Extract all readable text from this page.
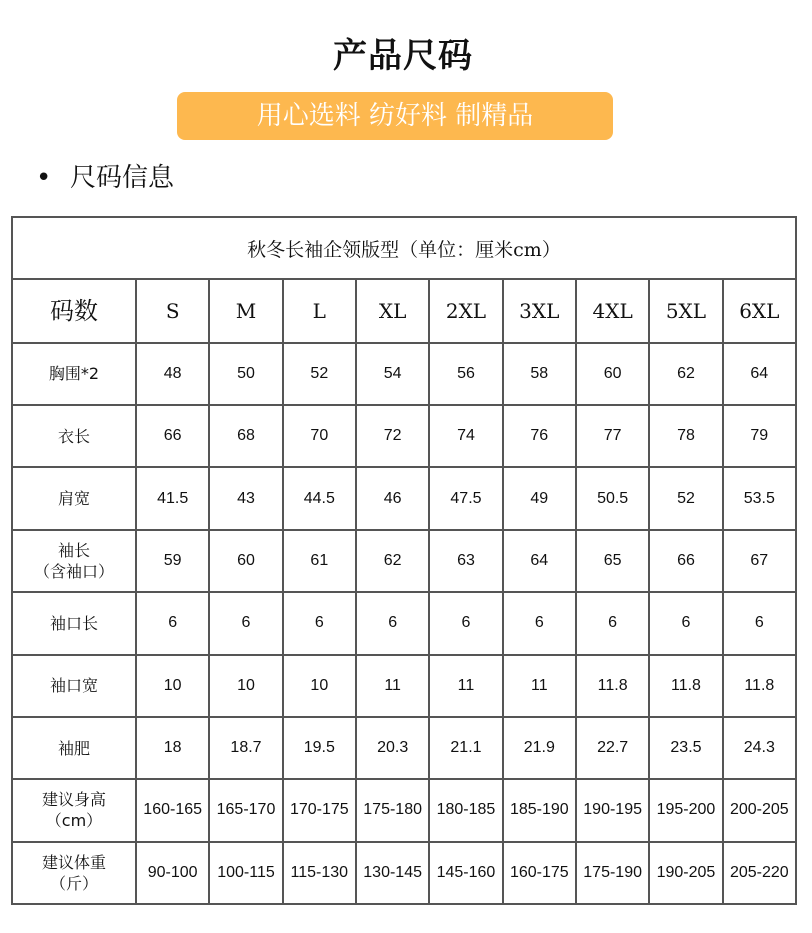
产品尺码
用心选料 纺好料 制精品
• 尺码信息
秋冬长袖企领版型（单位：厘米cm）									
码数	S	M	L	XL	2XL	3XL	4XL	5XL	6XL

胸围*2	48	50	52	54	56	58	60	62	64

衣长	66	68	70	72	74	76	77	78	79

肩宽	41.5	43	44.5	46	47.5	49	50.5	52	53.5

袖长
（含袖口）	59	60	61	62	63	64	65	66	67

袖口长	6	6	6	6	6	6	6	6	6

袖口宽	10	10	10	11	11	11	11.8	11.8	11.8

袖肥	18	18.7	19.5	20.3	21.1	21.9	22.7	23.5	24.3

建议身高
（cm）	160-165	165-170	170-175	175-180	180-185	185-190	190-195	195-200	200-205

建议体重
（斤）	90-100	100-115	115-130	130-145	145-160	160-175	175-190	190-205	205-220
